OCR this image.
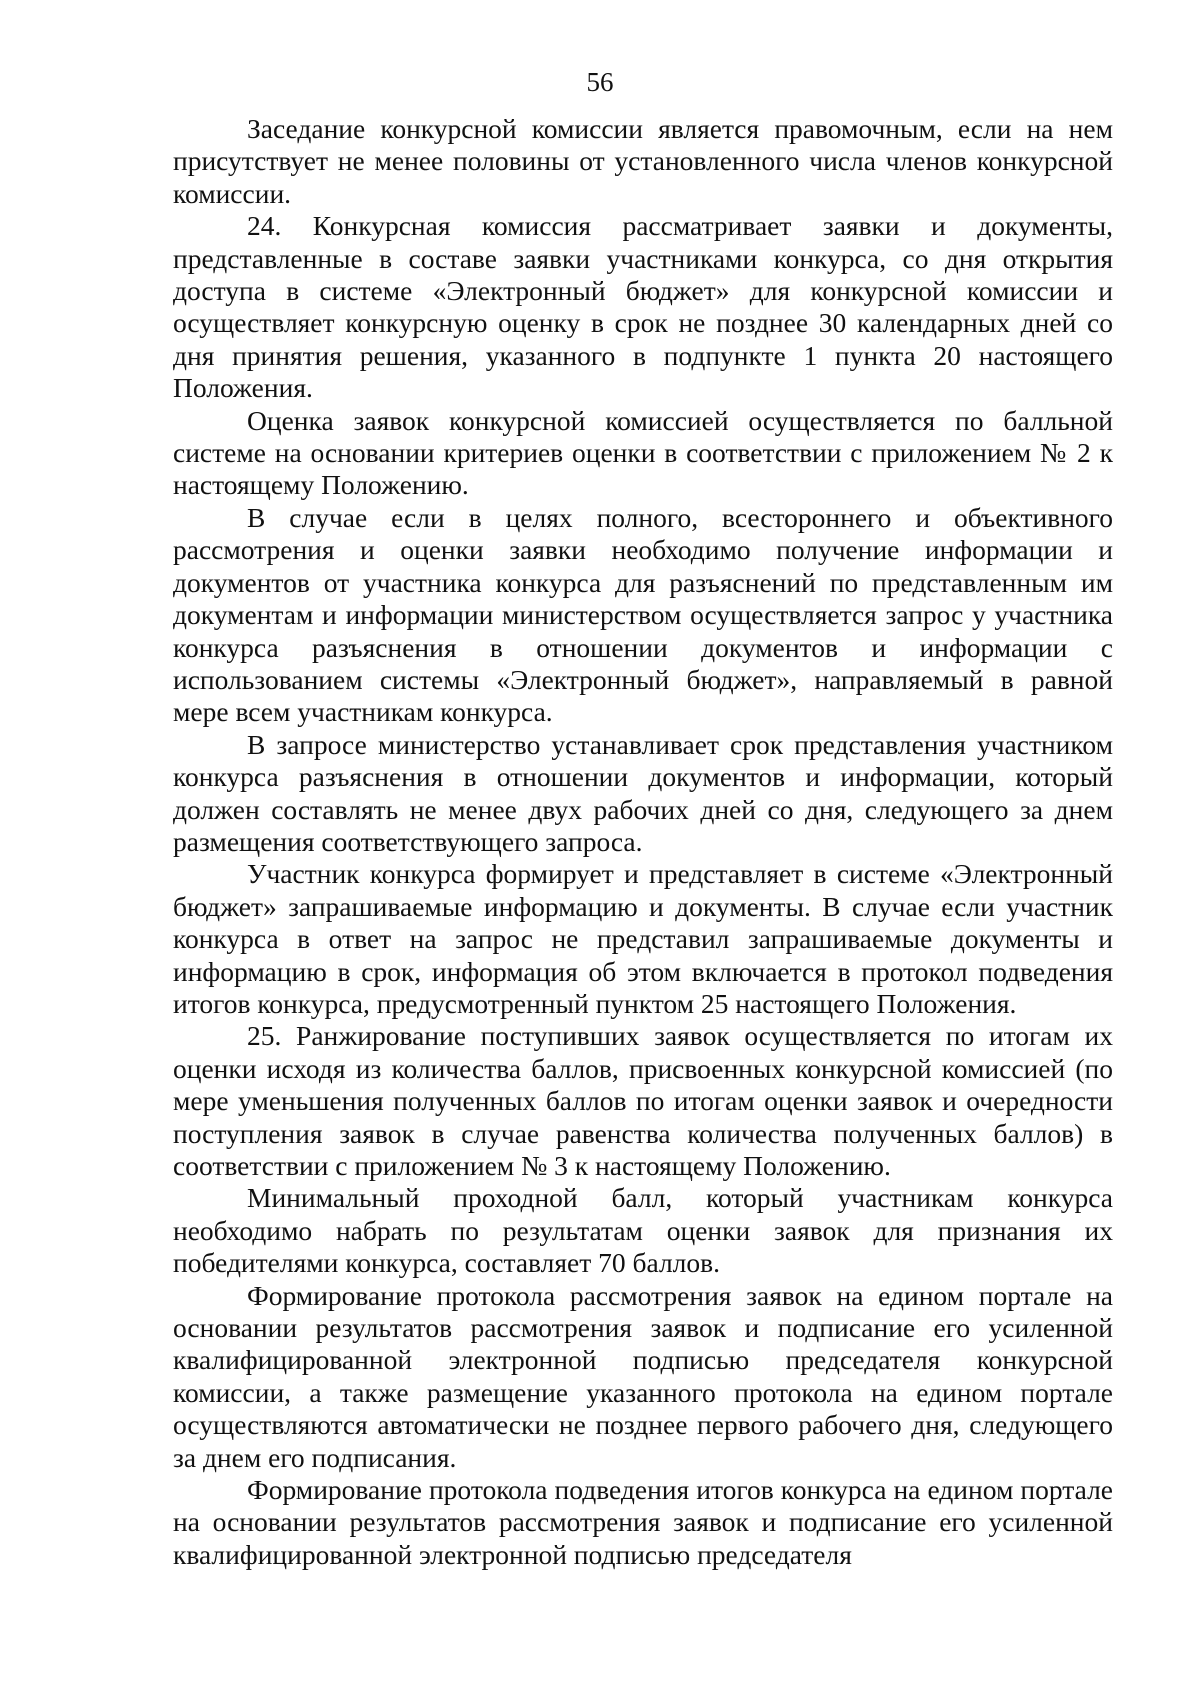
56

Заседание конкурсной комиссии является правомочным, если на нем присутствует не менее половины от установленного числа членов конкурсной комиссии.

24. Конкурсная комиссия рассматривает заявки и документы, представленные в составе заявки участниками конкурса, со дня открытия доступа в системе «Электронный бюджет» для конкурсной комиссии и осуществляет конкурсную оценку в срок не позднее 30 календарных дней со дня принятия решения, указанного в подпункте 1 пункта 20 настоящего Положения.

Оценка заявок конкурсной комиссией осуществляется по балльной системе на основании критериев оценки в соответствии с приложением № 2 к настоящему Положению.

В случае если в целях полного, всестороннего и объективного рассмотрения и оценки заявки необходимо получение информации и документов от участника конкурса для разъяснений по представленным им документам и информации министерством осуществляется запрос у участника конкурса разъяснения в отношении документов и информации с использованием системы «Электронный бюджет», направляемый в равной мере всем участникам конкурса.

В запросе министерство устанавливает срок представления участником конкурса разъяснения в отношении документов и информации, который должен составлять не менее двух рабочих дней со дня, следующего за днем размещения соответствующего запроса.

Участник конкурса формирует и представляет в системе «Электронный бюджет» запрашиваемые информацию и документы. В случае если участник конкурса в ответ на запрос не представил запрашиваемые документы и информацию в срок, информация об этом включается в протокол подведения итогов конкурса, предусмотренный пунктом 25 настоящего Положения.

25. Ранжирование поступивших заявок осуществляется по итогам их оценки исходя из количества баллов, присвоенных конкурсной комиссией (по мере уменьшения полученных баллов по итогам оценки заявок и очередности поступления заявок в случае равенства количества полученных баллов) в соответствии с приложением № 3 к настоящему Положению.

Минимальный проходной балл, который участникам конкурса необходимо набрать по результатам оценки заявок для признания их победителями конкурса, составляет 70 баллов.

Формирование протокола рассмотрения заявок на едином портале на основании результатов рассмотрения заявок и подписание его усиленной квалифицированной электронной подписью председателя конкурсной комиссии, а также размещение указанного протокола на едином портале осуществляются автоматически не позднее первого рабочего дня, следующего за днем его подписания.

Формирование протокола подведения итогов конкурса на едином портале на основании результатов рассмотрения заявок и подписание его усиленной квалифицированной электронной подписью председателя
